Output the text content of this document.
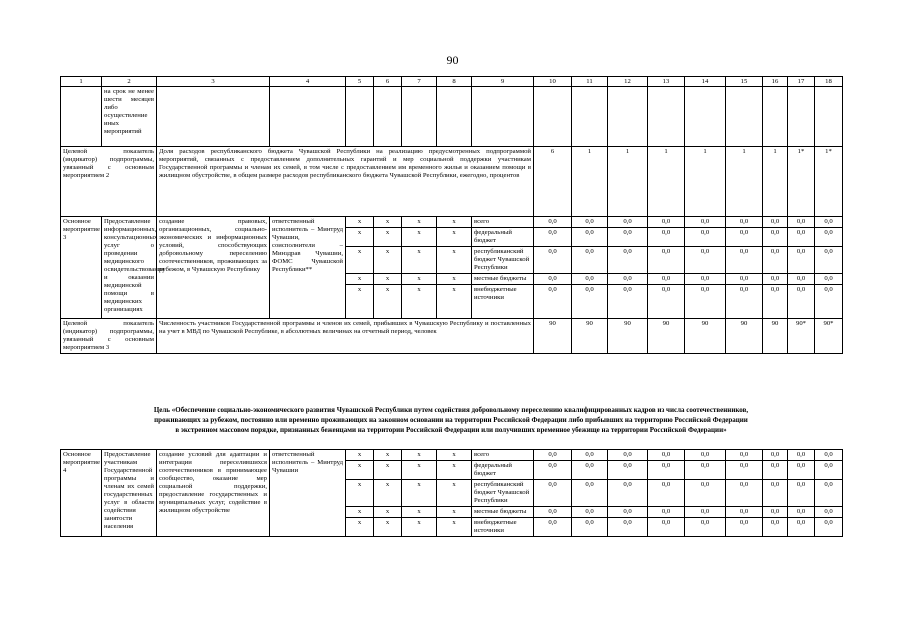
90
1	2	3	4	5	6	7	8	9	10	11	12	13	14	15	16	17	18
	на срок не менее шести месяцев либо осуществление иных мероприятий																
Целевой показатель (индикатор) подпрограммы, увязанный с основным мероприятием 2		Доля расходов республиканского бюджета Чувашской Республики на реализацию предусмотренных подпрограммой мероприятий, связанных с предоставлением дополнительных гарантий и мер социальной поддержки участникам Государственной программы и членам их семей, в том числе с предоставлением им временного жилья и оказанием помощи в жилищном обустройстве, в общем размере расходов республиканского бюджета Чувашской Республики, ежегодно, процентов							6	1	1	1	1	1	1	1*	1*
Основное мероприятие 3	Предоставление информационных, консультационных услуг о проведении медицинского освидетельствования и оказании медицинской помощи в медицинских организациях	создание правовых, организационных, социально-экономических и информационных условий, способствующих добровольному переселению соотечественников, проживающих за рубежом, в Чувашскую Республику	ответственный исполнитель – Минтруд Чувашии, соисполнители – Минздрав Чувашии, ФОМС Чувашской Республики**	x	x	x	x	всего	0,0	0,0	0,0	0,0	0,0	0,0	0,0	0,0	0,0
				x	x	x	x	федеральный бюджет	0,0	0,0	0,0	0,0	0,0	0,0	0,0	0,0	0,0
				x	x	x	x	республиканский бюджет Чувашской Республики	0,0	0,0	0,0	0,0	0,0	0,0	0,0	0,0	0,0
				x	x	x	x	местные бюджеты	0,0	0,0	0,0	0,0	0,0	0,0	0,0	0,0	0,0
				x	x	x	x	внебюджетные источники	0,0	0,0	0,0	0,0	0,0	0,0	0,0	0,0	0,0
Целевой показатель (индикатор) подпрограммы, увязанный с основным мероприятием 3		Численность участников Государственной программы и членов их семей, прибывших в Чувашскую Республику и поставленных на учет в МВД по Чувашской Республике, в абсолютных величинах на отчетный период, человек							90	90	90	90	90	90	90	90*	90*
Цель «Обеспечение социально-экономического развития Чувашской Республики путем содействия добровольному переселению квалифицированных кадров из числа соотечественников,
проживающих за рубежом, постоянно или временно проживающих на законном основании на территории Российской Федерации либо прибывших на территорию Российской Федерации
в экстренном массовом порядке, признанных беженцами на территории Российской Федерации или получивших временное убежище на территории Российской Федерации»
Основное мероприятие 4	Предоставление участникам Государственной программы и членам их семей государственных услуг в области содействия занятости населения	создание условий для адаптации и интеграции переселившихся соотечественников в принимающее сообщество, оказание мер социальной поддержки, предоставление государственных и муниципальных услуг, содействие в жилищном обустройстве	ответственный исполнитель – Минтруд Чувашии	x	x	x	x	всего	0,0	0,0	0,0	0,0	0,0	0,0	0,0	0,0	0,0
				x	x	x	x	федеральный бюджет	0,0	0,0	0,0	0,0	0,0	0,0	0,0	0,0	0,0
				x	x	x	x	республиканский бюджет Чувашской Республики	0,0	0,0	0,0	0,0	0,0	0,0	0,0	0,0	0,0
				x	x	x	x	местные бюджеты	0,0	0,0	0,0	0,0	0,0	0,0	0,0	0,0	0,0
				x	x	x	x	внебюджетные источники	0,0	0,0	0,0	0,0	0,0	0,0	0,0	0,0	0,0
